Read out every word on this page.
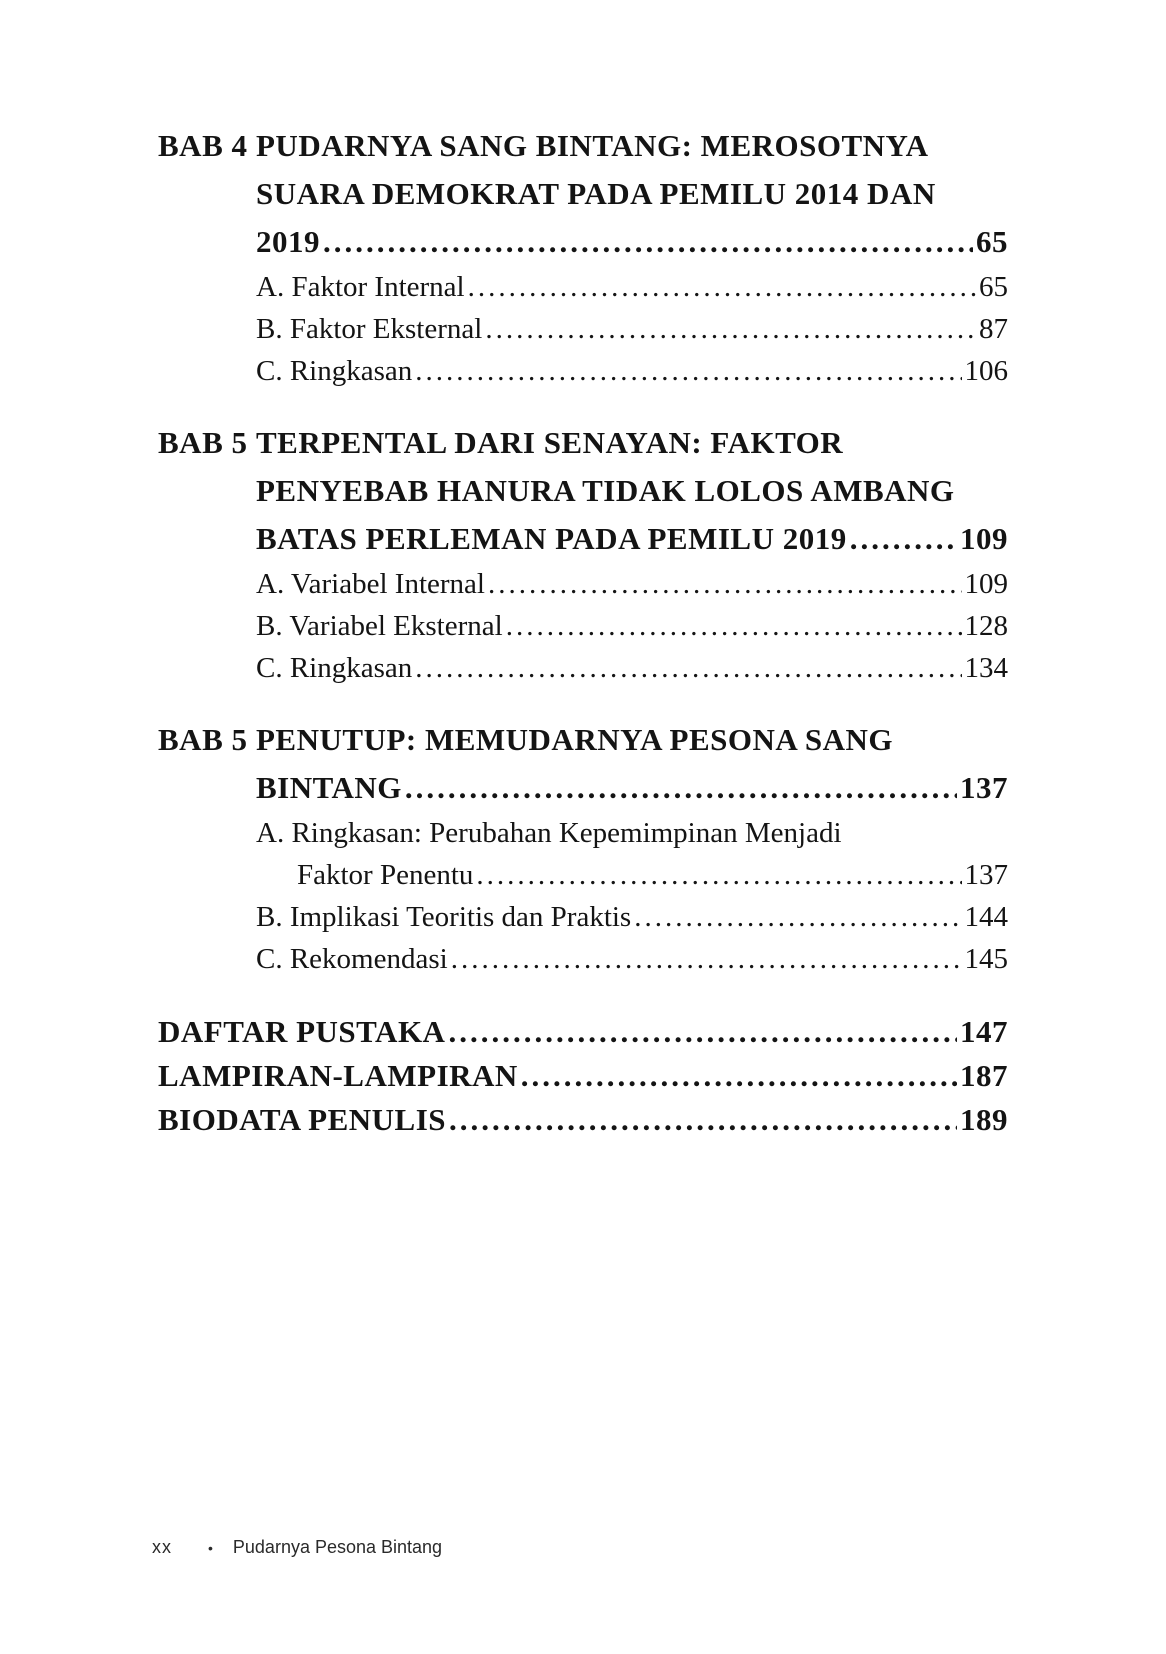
BAB 4 PUDARNYA SANG BINTANG: MEROSOTNYA
SUARA DEMOKRAT PADA PEMILU 2014 DAN
2019 .....	65
A. Faktor Internal .....	65
B. Faktor Eksternal .....	87
C. Ringkasan .....	106
BAB 5 TERPENTAL DARI SENAYAN: FAKTOR
PENYEBAB HANURA TIDAK LOLOS AMBANG
BATAS PERLEMAN PADA PEMILU 2019 .....	109
A. Variabel Internal .....	109
B. Variabel Eksternal .....	128
C. Ringkasan .....	134
BAB 5 PENUTUP: MEMUDARNYA PESONA SANG
BINTANG .....	137
A. Ringkasan: Perubahan Kepemimpinan Menjadi
Faktor Penentu .....	137
B. Implikasi Teoritis dan Praktis .....	144
C. Rekomendasi .....	145
DAFTAR PUSTAKA .....	147
LAMPIRAN-LAMPIRAN .....	187
BIODATA PENULIS .....	189
xx	• Pudarnya Pesona Bintang
